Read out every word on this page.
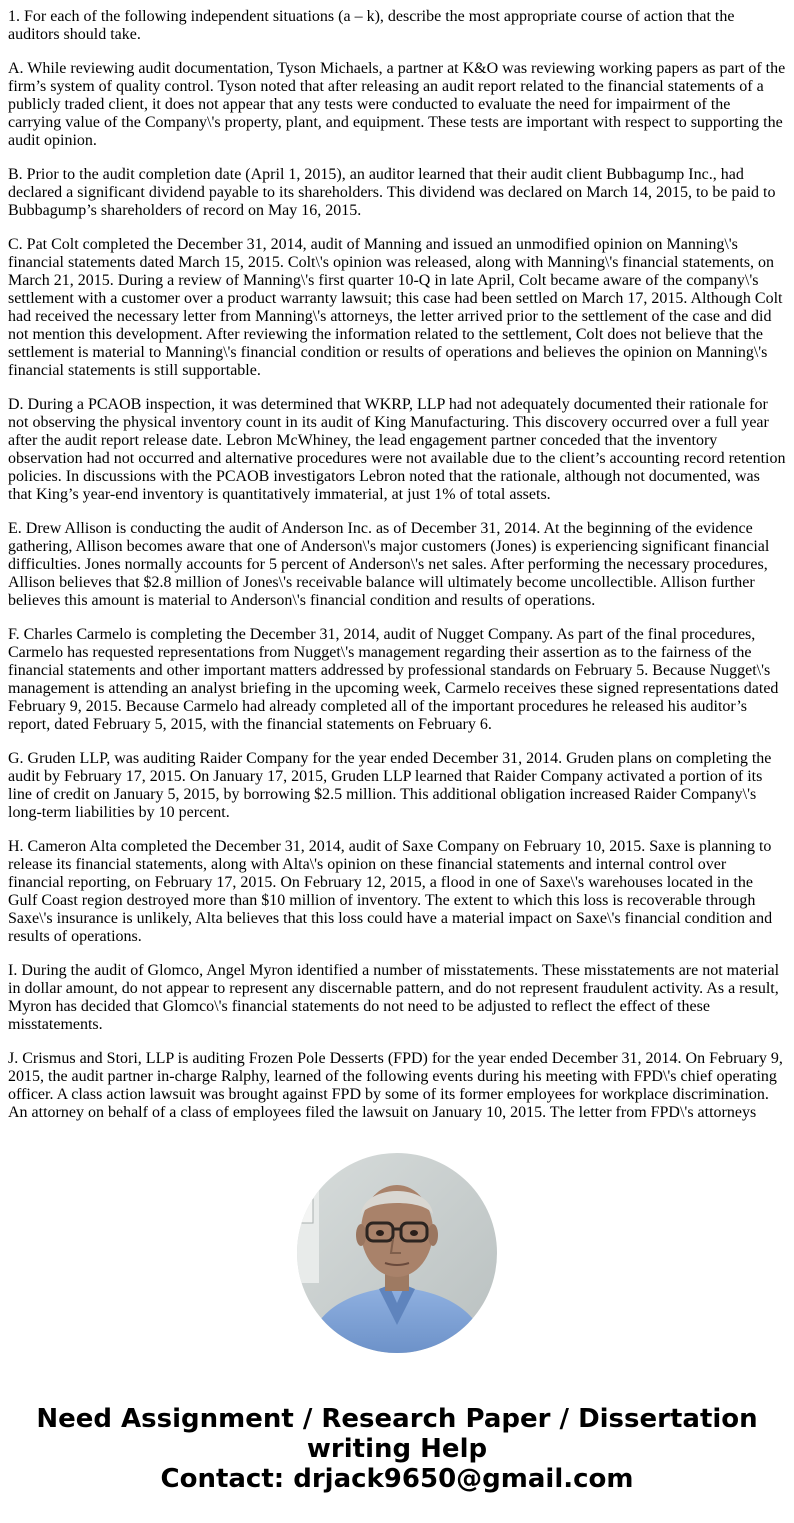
1. For each of the following independent situations (a – k), describe the most appropriate course of action that the auditors should take.

A. While reviewing audit documentation, Tyson Michaels, a partner at K&O was reviewing working papers as part of the firm’s system of quality control. Tyson noted that after releasing an audit report related to the financial statements of a publicly traded client, it does not appear that any tests were conducted to evaluate the need for impairment of the carrying value of the Company\'s property, plant, and equipment. These tests are important with respect to supporting the audit opinion.

B. Prior to the audit completion date (April 1, 2015), an auditor learned that their audit client Bubbagump Inc., had declared a significant dividend payable to its shareholders. This dividend was declared on March 14, 2015, to be paid to Bubbagump’s shareholders of record on May 16, 2015.

C. Pat Colt completed the December 31, 2014, audit of Manning and issued an unmodified opinion on Manning\'s financial statements dated March 15, 2015. Colt\'s opinion was released, along with Manning\'s financial statements, on March 21, 2015. During a review of Manning\'s first quarter 10-Q in late April, Colt became aware of the company\'s settlement with a customer over a product warranty lawsuit; this case had been settled on March 17, 2015. Although Colt had received the necessary letter from Manning\'s attorneys, the letter arrived prior to the settlement of the case and did not mention this development. After reviewing the information related to the settlement, Colt does not believe that the settlement is material to Manning\'s financial condition or results of operations and believes the opinion on Manning\'s financial statements is still supportable.

D. During a PCAOB inspection, it was determined that WKRP, LLP had not adequately documented their rationale for not observing the physical inventory count in its audit of King Manufacturing. This discovery occurred over a full year after the audit report release date. Lebron McWhiney, the lead engagement partner conceded that the inventory observation had not occurred and alternative procedures were not available due to the client’s accounting record retention policies. In discussions with the PCAOB investigators Lebron noted that the rationale, although not documented, was that King’s year-end inventory is quantitatively immaterial, at just 1% of total assets.

E. Drew Allison is conducting the audit of Anderson Inc. as of December 31, 2014. At the beginning of the evidence gathering, Allison becomes aware that one of Anderson\'s major customers (Jones) is experiencing significant financial difficulties. Jones normally accounts for 5 percent of Anderson\'s net sales. After performing the necessary procedures, Allison believes that $2.8 million of Jones\'s receivable balance will ultimately become uncollectible. Allison further believes this amount is material to Anderson\'s financial condition and results of operations.

F. Charles Carmelo is completing the December 31, 2014, audit of Nugget Company. As part of the final procedures, Carmelo has requested representations from Nugget\'s management regarding their assertion as to the fairness of the financial statements and other important matters addressed by professional standards on February 5. Because Nugget\'s management is attending an analyst briefing in the upcoming week, Carmelo receives these signed representations dated February 9, 2015. Because Carmelo had already completed all of the important procedures he released his auditor’s report, dated February 5, 2015, with the financial statements on February 6.

G. Gruden LLP, was auditing Raider Company for the year ended December 31, 2014. Gruden plans on completing the audit by February 17, 2015. On January 17, 2015, Gruden LLP learned that Raider Company activated a portion of its line of credit on January 5, 2015, by borrowing $2.5 million. This additional obligation increased Raider Company\'s long-term liabilities by 10 percent.

H. Cameron Alta completed the December 31, 2014, audit of Saxe Company on February 10, 2015. Saxe is planning to release its financial statements, along with Alta\'s opinion on these financial statements and internal control over financial reporting, on February 17, 2015. On February 12, 2015, a flood in one of Saxe\'s warehouses located in the Gulf Coast region destroyed more than $10 million of inventory. The extent to which this loss is recoverable through Saxe\'s insurance is unlikely, Alta believes that this loss could have a material impact on Saxe\'s financial condition and results of operations.

I. During the audit of Glomco, Angel Myron identified a number of misstatements. These misstatements are not material in dollar amount, do not appear to represent any discernable pattern, and do not represent fraudulent activity. As a result, Myron has decided that Glomco\'s financial statements do not need to be adjusted to reflect the effect of these misstatements.

J. Crismus and Stori, LLP is auditing Frozen Pole Desserts (FPD) for the year ended December 31, 2014. On February 9, 2015, the audit partner in-charge Ralphy, learned of the following events during his meeting with FPD\'s chief operating officer. A class action lawsuit was brought against FPD by some of its former employees for workplace discrimination. An attorney on behalf of a class of employees filed the lawsuit on January 10, 2015. The letter from FPD\'s attorneys

Need Assignment / Research Paper / Dissertation
writing Help
Contact: drjack9650@gmail.com
